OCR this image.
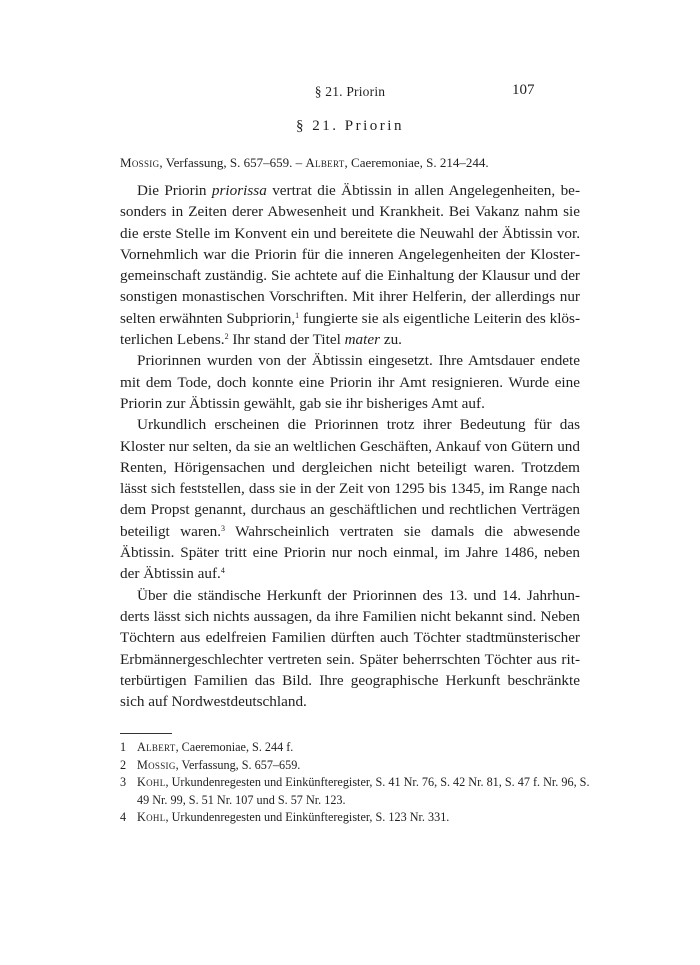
§ 21. Priorin	107
§ 21. Priorin
Mossig, Verfassung, S. 657–659. – Albert, Caeremoniae, S. 214–244.

Die Priorin priorissa vertrat die Äbtissin in allen Angelegenheiten, besonders in Zeiten derer Abwesenheit und Krankheit. Bei Vakanz nahm sie die erste Stelle im Konvent ein und bereitete die Neuwahl der Äbtissin vor. Vornehmlich war die Priorin für die inneren Angelegenheiten der Klostergemeinschaft zuständig. Sie achtete auf die Einhaltung der Klausur und der sonstigen monastischen Vorschriften. Mit ihrer Helferin, der allerdings nur selten erwähnten Subpriorin,$^1$ fungierte sie als eigentliche Leiterin des klösterlichen Lebens.$^2$ Ihr stand der Titel mater zu.

Priorinnen wurden von der Äbtissin eingesetzt. Ihre Amtsdauer endete mit dem Tode, doch konnte eine Priorin ihr Amt resignieren. Wurde eine Priorin zur Äbtissin gewählt, gab sie ihr bisheriges Amt auf.

Urkundlich erscheinen die Priorinnen trotz ihrer Bedeutung für das Kloster nur selten, da sie an weltlichen Geschäften, Ankauf von Gütern und Renten, Hörigensachen und dergleichen nicht beteiligt waren. Trotzdem lässt sich feststellen, dass sie in der Zeit von 1295 bis 1345, im Range nach dem Propst genannt, durchaus an geschäftlichen und rechtlichen Verträgen beteiligt waren.$^3$ Wahrscheinlich vertraten sie damals die abwesende Äbtissin. Später tritt eine Priorin nur noch einmal, im Jahre 1486, neben der Äbtissin auf.$^4$

Über die ständische Herkunft der Priorinnen des 13. und 14. Jahrhunderts lässt sich nichts aussagen, da ihre Familien nicht bekannt sind. Neben Töchtern aus edelfreien Familien dürften auch Töchter stadtmünsterischer Erbmännergeschlechter vertreten sein. Später beherrschten Töchter aus ritterbürtigen Familien das Bild. Ihre geographische Herkunft beschränkte sich auf Nordwestdeutschland.

1 Albert, Caeremoniae, S. 244 f.
2 Mossig, Verfassung, S. 657–659.
3 Kohl, Urkundenregesten und Einkünfteregister, S. 41 Nr. 76, S. 42 Nr. 81, S. 47 f. Nr. 96, S. 49 Nr. 99, S. 51 Nr. 107 und S. 57 Nr. 123.
4 Kohl, Urkundenregesten und Einkünfteregister, S. 123 Nr. 331.
